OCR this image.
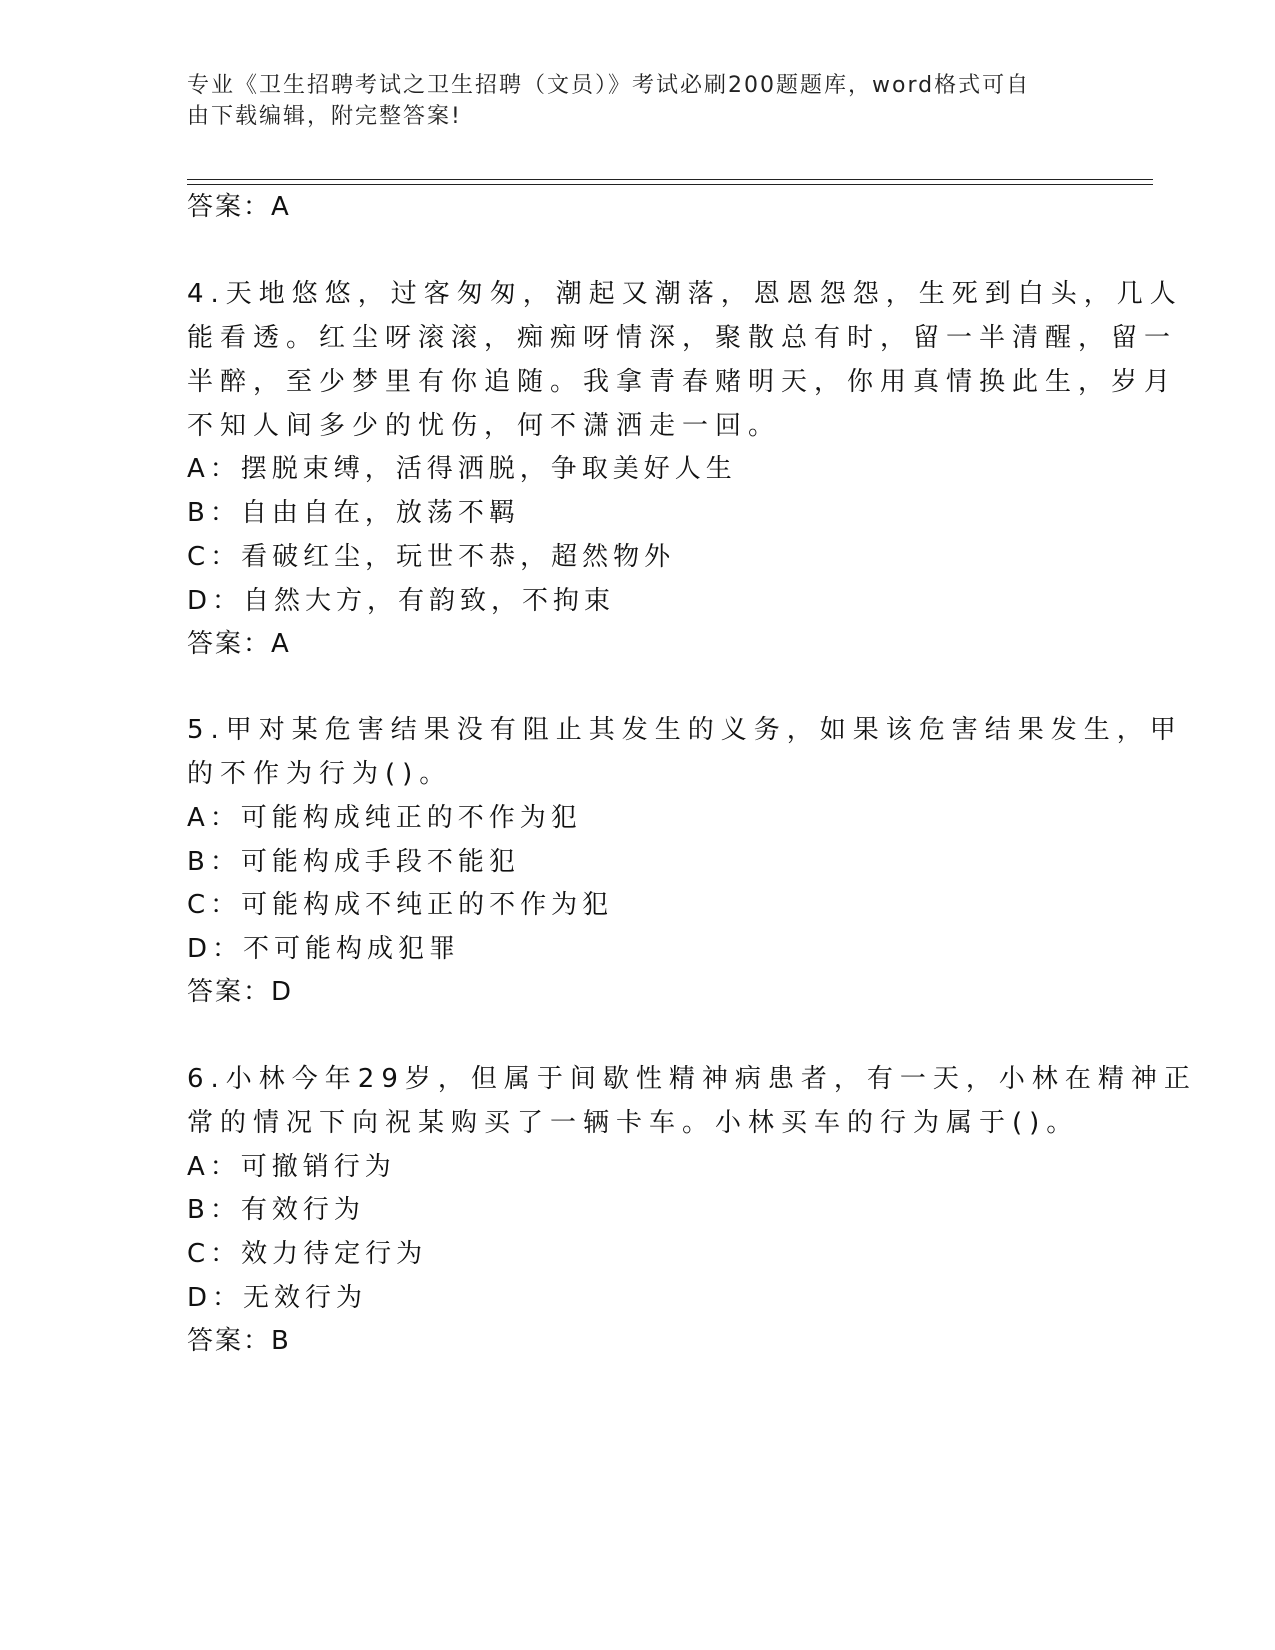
专业《卫生招聘考试之卫生招聘（文员）》考试必刷200题题库，word格式可自
由下载编辑，附完整答案!
答案：A
4.天地悠悠，过客匆匆，潮起又潮落，恩恩怨怨，生死到白头，几人
能看透。红尘呀滚滚，痴痴呀情深，聚散总有时，留一半清醒，留一
半醉，至少梦里有你追随。我拿青春赌明天，你用真情换此生，岁月
不知人间多少的忧伤，何不潇洒走一回。
A：摆脱束缚，活得洒脱，争取美好人生
B：自由自在，放荡不羁
C：看破红尘，玩世不恭，超然物外
D：自然大方，有韵致，不拘束
答案：A
5.甲对某危害结果没有阻止其发生的义务，如果该危害结果发生，甲
的不作为行为()。
A：可能构成纯正的不作为犯
B：可能构成手段不能犯
C：可能构成不纯正的不作为犯
D：不可能构成犯罪
答案：D
6.小林今年29岁，但属于间歇性精神病患者，有一天，小林在精神正
常的情况下向祝某购买了一辆卡车。小林买车的行为属于()。
A：可撤销行为
B：有效行为
C：效力待定行为
D：无效行为
答案：B
